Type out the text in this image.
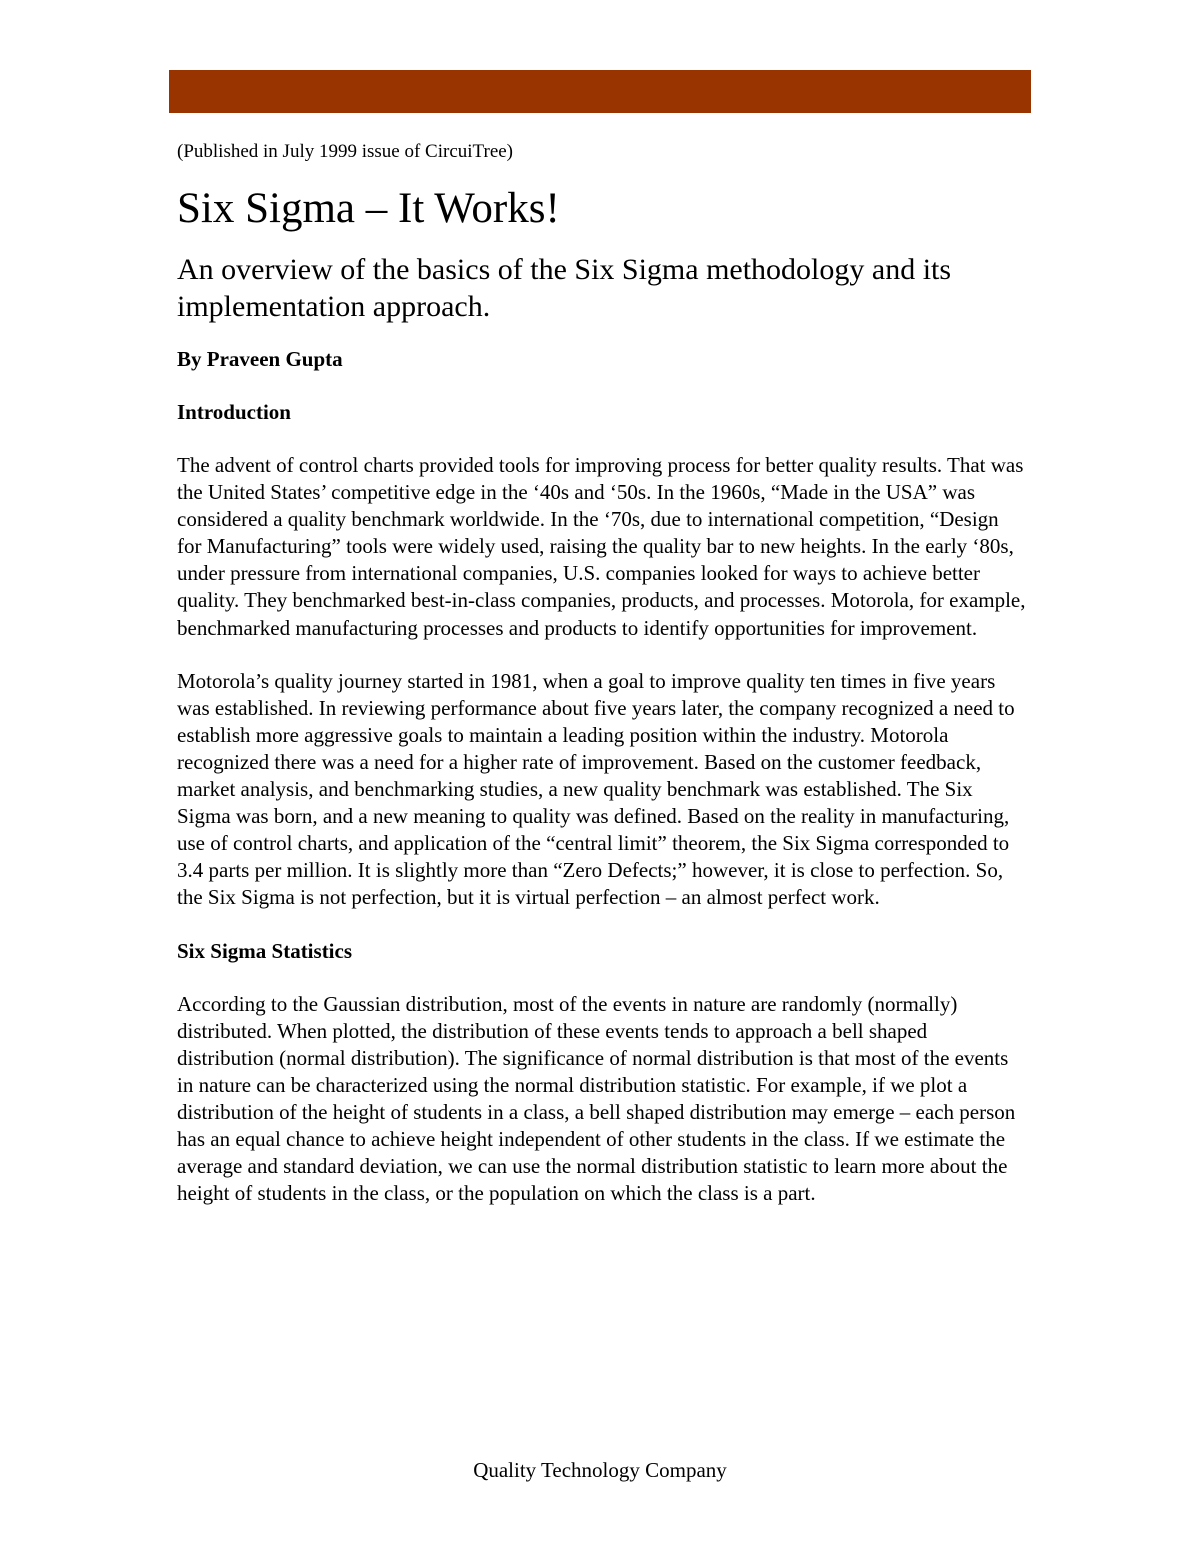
(Published in July 1999 issue of CircuiTree)

Six Sigma – It Works!
An overview of the basics of the Six Sigma methodology and its implementation approach.

By Praveen Gupta

Introduction

The advent of control charts provided tools for improving process for better quality results. That was the United States’ competitive edge in the ‘40s and ‘50s. In the 1960s, “Made in the USA” was considered a quality benchmark worldwide. In the ‘70s, due to international competition, “Design for Manufacturing” tools were widely used, raising the quality bar to new heights. In the early ‘80s, under pressure from international companies, U.S. companies looked for ways to achieve better quality. They benchmarked best-in-class companies, products, and processes. Motorola, for example, benchmarked manufacturing processes and products to identify opportunities for improvement.

Motorola’s quality journey started in 1981, when a goal to improve quality ten times in five years was established. In reviewing performance about five years later, the company recognized a need to establish more aggressive goals to maintain a leading position within the industry. Motorola recognized there was a need for a higher rate of improvement. Based on the customer feedback, market analysis, and benchmarking studies, a new quality benchmark was established. The Six Sigma was born, and a new meaning to quality was defined. Based on the reality in manufacturing, use of control charts, and application of the “central limit” theorem, the Six Sigma corresponded to 3.4 parts per million. It is slightly more than “Zero Defects;” however, it is close to perfection. So, the Six Sigma is not perfection, but it is virtual perfection – an almost perfect work.

Six Sigma Statistics

According to the Gaussian distribution, most of the events in nature are randomly (normally) distributed. When plotted, the distribution of these events tends to approach a bell shaped distribution (normal distribution). The significance of normal distribution is that most of the events in nature can be characterized using the normal distribution statistic. For example, if we plot a distribution of the height of students in a class, a bell shaped distribution may emerge – each person has an equal chance to achieve height independent of other students in the class. If we estimate the average and standard deviation, we can use the normal distribution statistic to learn more about the height of students in the class, or the population on which the class is a part.

Quality Technology Company
